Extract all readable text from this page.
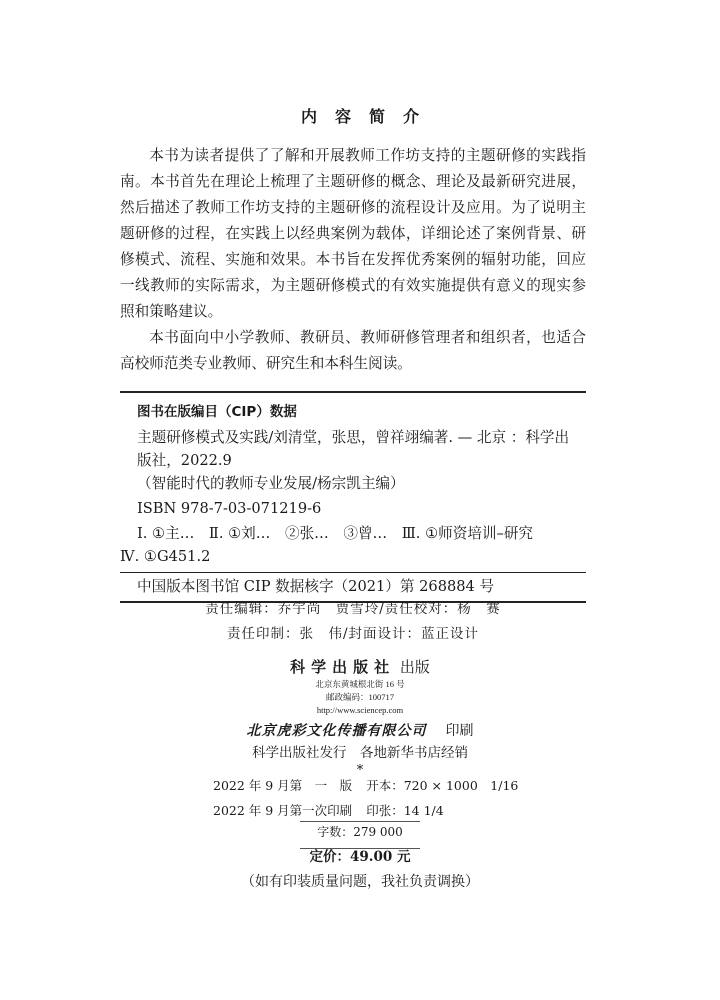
内容简介

本书为读者提供了了解和开展教师工作坊支持的主题研修的实践指南。本书首先在理论上梳理了主题研修的概念、理论及最新研究进展，然后描述了教师工作坊支持的主题研修的流程设计及应用。为了说明主题研修的过程，在实践上以经典案例为载体，详细论述了案例背景、研修模式、流程、实施和效果。本书旨在发挥优秀案例的辐射功能，回应一线教师的实际需求，为主题研修模式的有效实施提供有意义的现实参照和策略建议。

本书面向中小学教师、教研员、教师研修管理者和组织者，也适合高校师范类专业教师、研究生和本科生阅读。

图书在版编目（CIP）数据
主题研修模式及实践/刘清堂，张思，曾祥翊编著. — 北京 ：科学出
版社，2022.9
（智能时代的教师专业发展/杨宗凯主编）
ISBN 978-7-03-071219-6
Ⅰ. ①主…　Ⅱ. ①刘…　②张…　③曾…　Ⅲ. ①师资培训–研究
Ⅳ. ①G451.2
中国版本图书馆 CIP 数据核字（2021）第 268884 号
责任编辑：乔宇尚　贾雪玲/责任校对：杨　赛
责任印制：张　伟/封面设计：蓝正设计
科学出版社 出版
北京东黄城根北街 16 号
邮政编码：100717
http://www.sciencep.com
北京虎彩文化传播有限公司 印刷
科学出版社发行　各地新华书店经销
*
2022 年 9 月第　一　版 开本：720 × 1000　1/16
2022 年 9 月第一次印刷 印张：14 1/4
字数：279 000
定价：49.00 元
（如有印装质量问题，我社负责调换）
